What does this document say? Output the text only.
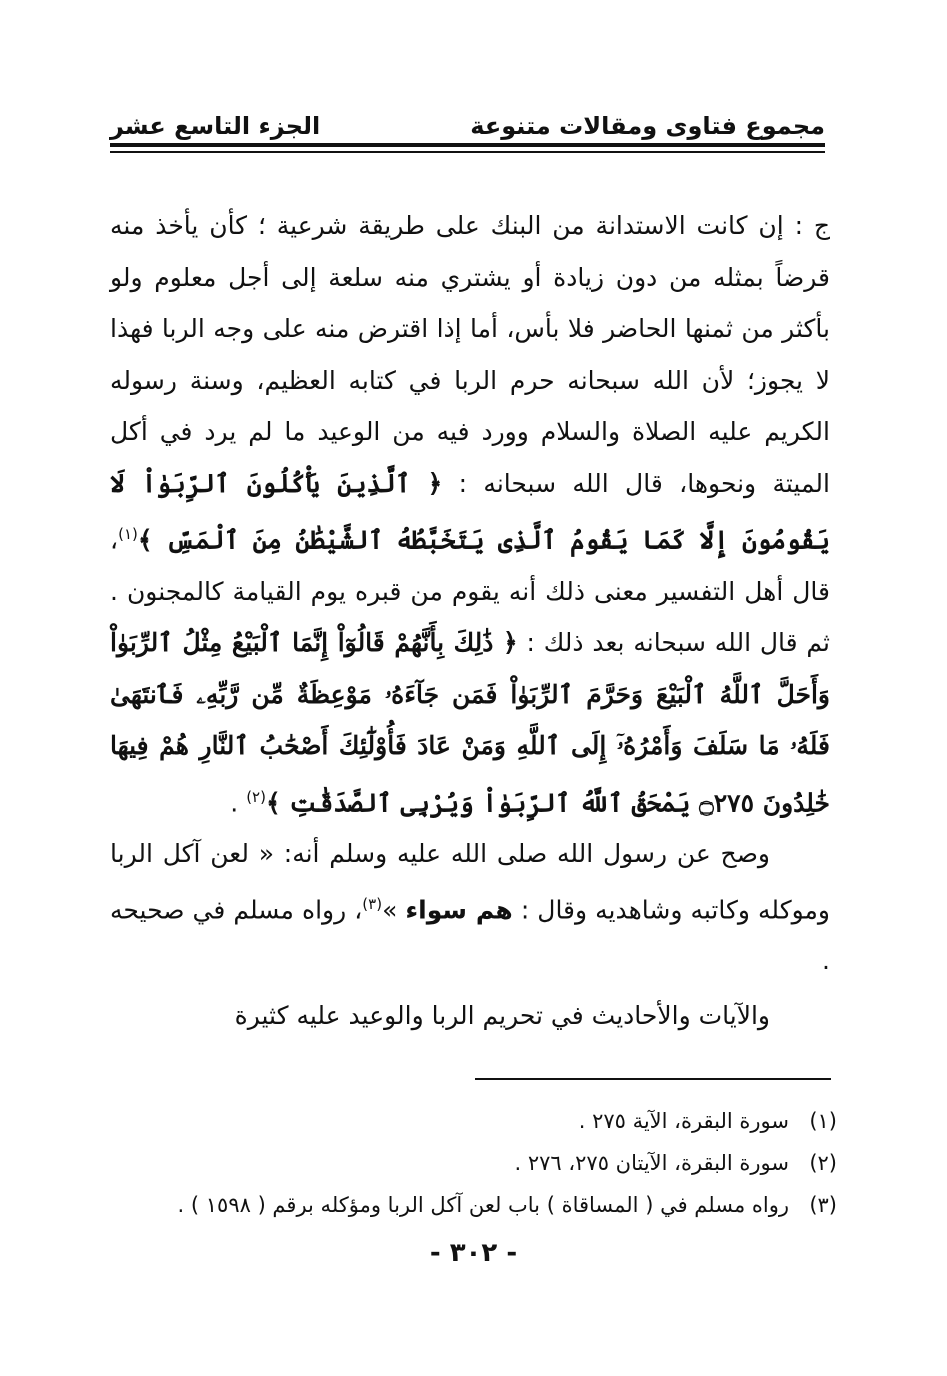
مجموع فتاوى ومقالات متنوعة
الجزء التاسع عشر
ج : إن كانت الاستدانة من البنك على طريقة شرعية ؛ كأن يأخذ منه قرضاً بمثله من دون زيادة أو يشتري منه سلعة إلى أجل معلوم ولو بأكثر من ثمنها الحاضر فلا بأس، أما إذا اقترض منه على وجه الربا فهذا لا يجوز؛ لأن الله سبحانه حرم الربا في كتابه العظيم، وسنة رسوله الكريم عليه الصلاة والسلام وورد فيه من الوعيد ما لم يرد في أكل الميتة ونحوها، قال الله سبحانه : ﴿ ٱلَّذِينَ يَأْكُلُونَ ٱلرِّبَوٰاْ لَا يَقُومُونَ إِلَّا كَمَا يَقُومُ ٱلَّذِى يَتَخَبَّطُهُ ٱلشَّيْطَٰنُ مِنَ ٱلْمَسِّ ﴾$^{(١)}$، قال أهل التفسير معنى ذلك أنه يقوم من قبره يوم القيامة كالمجنون . ثم قال الله سبحانه بعد ذلك : ﴿ ذَٰلِكَ بِأَنَّهُمْ قَالُوٓاْ إِنَّمَا ٱلْبَيْعُ مِثْلُ ٱلرِّبَوٰاْ وَأَحَلَّ ٱللَّهُ ٱلْبَيْعَ وَحَرَّمَ ٱلرِّبَوٰاْ فَمَن جَآءَهُۥ مَوْعِظَةٌ مِّن رَّبِّهِۦ فَٱنتَهَىٰ فَلَهُۥ مَا سَلَفَ وَأَمْرُهُۥٓ إِلَى ٱللَّهِ وَمَنْ عَادَ فَأُوْلَٰٓئِكَ أَصْحَٰبُ ٱلنَّارِ هُمْ فِيهَا خَٰلِدُونَ ۝٢٧٥ يَمْحَقُ ٱللَّهُ ٱلرِّبَوٰاْ وَيُرْبِى ٱلصَّدَقَٰتِ ﴾$^{(٢)}$ .
وصح عن رسول الله صلى الله عليه وسلم أنه: « لعن آكل الربا وموكله وكاتبه وشاهديه وقال : هم سواء »$^{(٣)}$، رواه مسلم في صحيحه .
والآيات والأحاديث في تحريم الربا والوعيد عليه كثيرة
(١)سورة البقرة، الآية ٢٧٥ .
(٢)سورة البقرة، الآيتان ٢٧٥، ٢٧٦ .
(٣)رواه مسلم في ( المساقاة ) باب لعن آكل الربا ومؤكله برقم ( ١٥٩٨ ) .
- ٣٠٢ -
